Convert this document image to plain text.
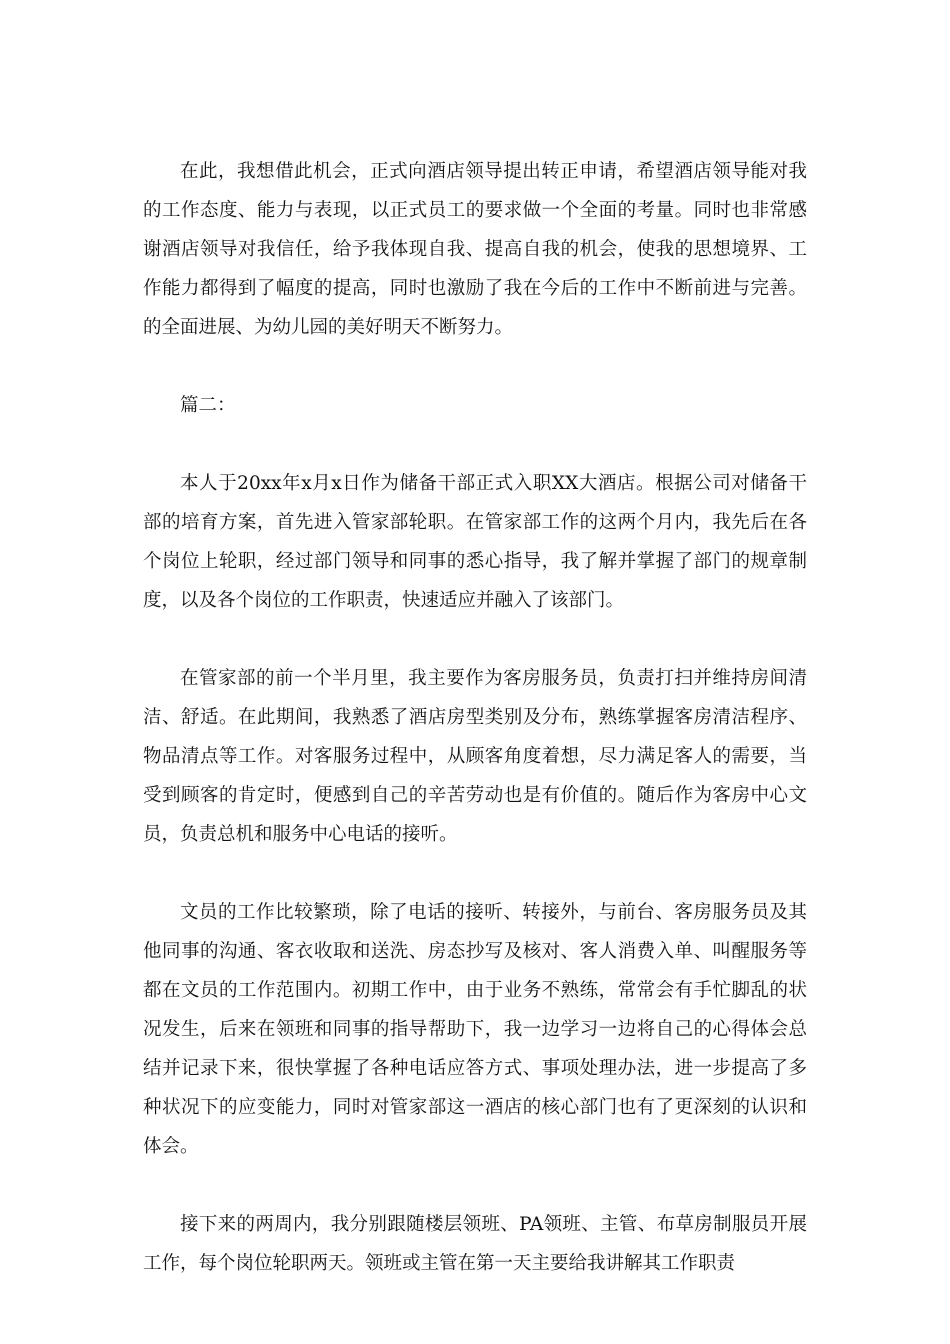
在此，我想借此机会，正式向酒店领导提出转正申请，希望酒店领导能对我的工作态度、能力与表现，以正式员工的要求做一个全面的考量。同时也非常感谢酒店领导对我信任，给予我体现自我、提高自我的机会，使我的思想境界、工作能力都得到了幅度的提高，同时也激励了我在今后的工作中不断前进与完善。的全面进展、为幼儿园的美好明天不断努力。

篇二：

本人于20xx年x月x日作为储备干部正式入职XX大酒店。根据公司对储备干部的培育方案，首先进入管家部轮职。在管家部工作的这两个月内，我先后在各个岗位上轮职，经过部门领导和同事的悉心指导，我了解并掌握了部门的规章制度，以及各个岗位的工作职责，快速适应并融入了该部门。

在管家部的前一个半月里，我主要作为客房服务员，负责打扫并维持房间清洁、舒适。在此期间，我熟悉了酒店房型类别及分布，熟练掌握客房清洁程序、物品清点等工作。对客服务过程中，从顾客角度着想，尽力满足客人的需要，当受到顾客的肯定时，便感到自己的辛苦劳动也是有价值的。随后作为客房中心文员，负责总机和服务中心电话的接听。

文员的工作比较繁琐，除了电话的接听、转接外，与前台、客房服务员及其他同事的沟通、客衣收取和送洗、房态抄写及核对、客人消费入单、叫醒服务等都在文员的工作范围内。初期工作中，由于业务不熟练，常常会有手忙脚乱的状况发生，后来在领班和同事的指导帮助下，我一边学习一边将自己的心得体会总结并记录下来，很快掌握了各种电话应答方式、事项处理办法，进一步提高了多种状况下的应变能力，同时对管家部这一酒店的核心部门也有了更深刻的认识和体会。

接下来的两周内，我分别跟随楼层领班、PA领班、主管、布草房制服员开展工作，每个岗位轮职两天。领班或主管在第一天主要给我讲解其工作职责
